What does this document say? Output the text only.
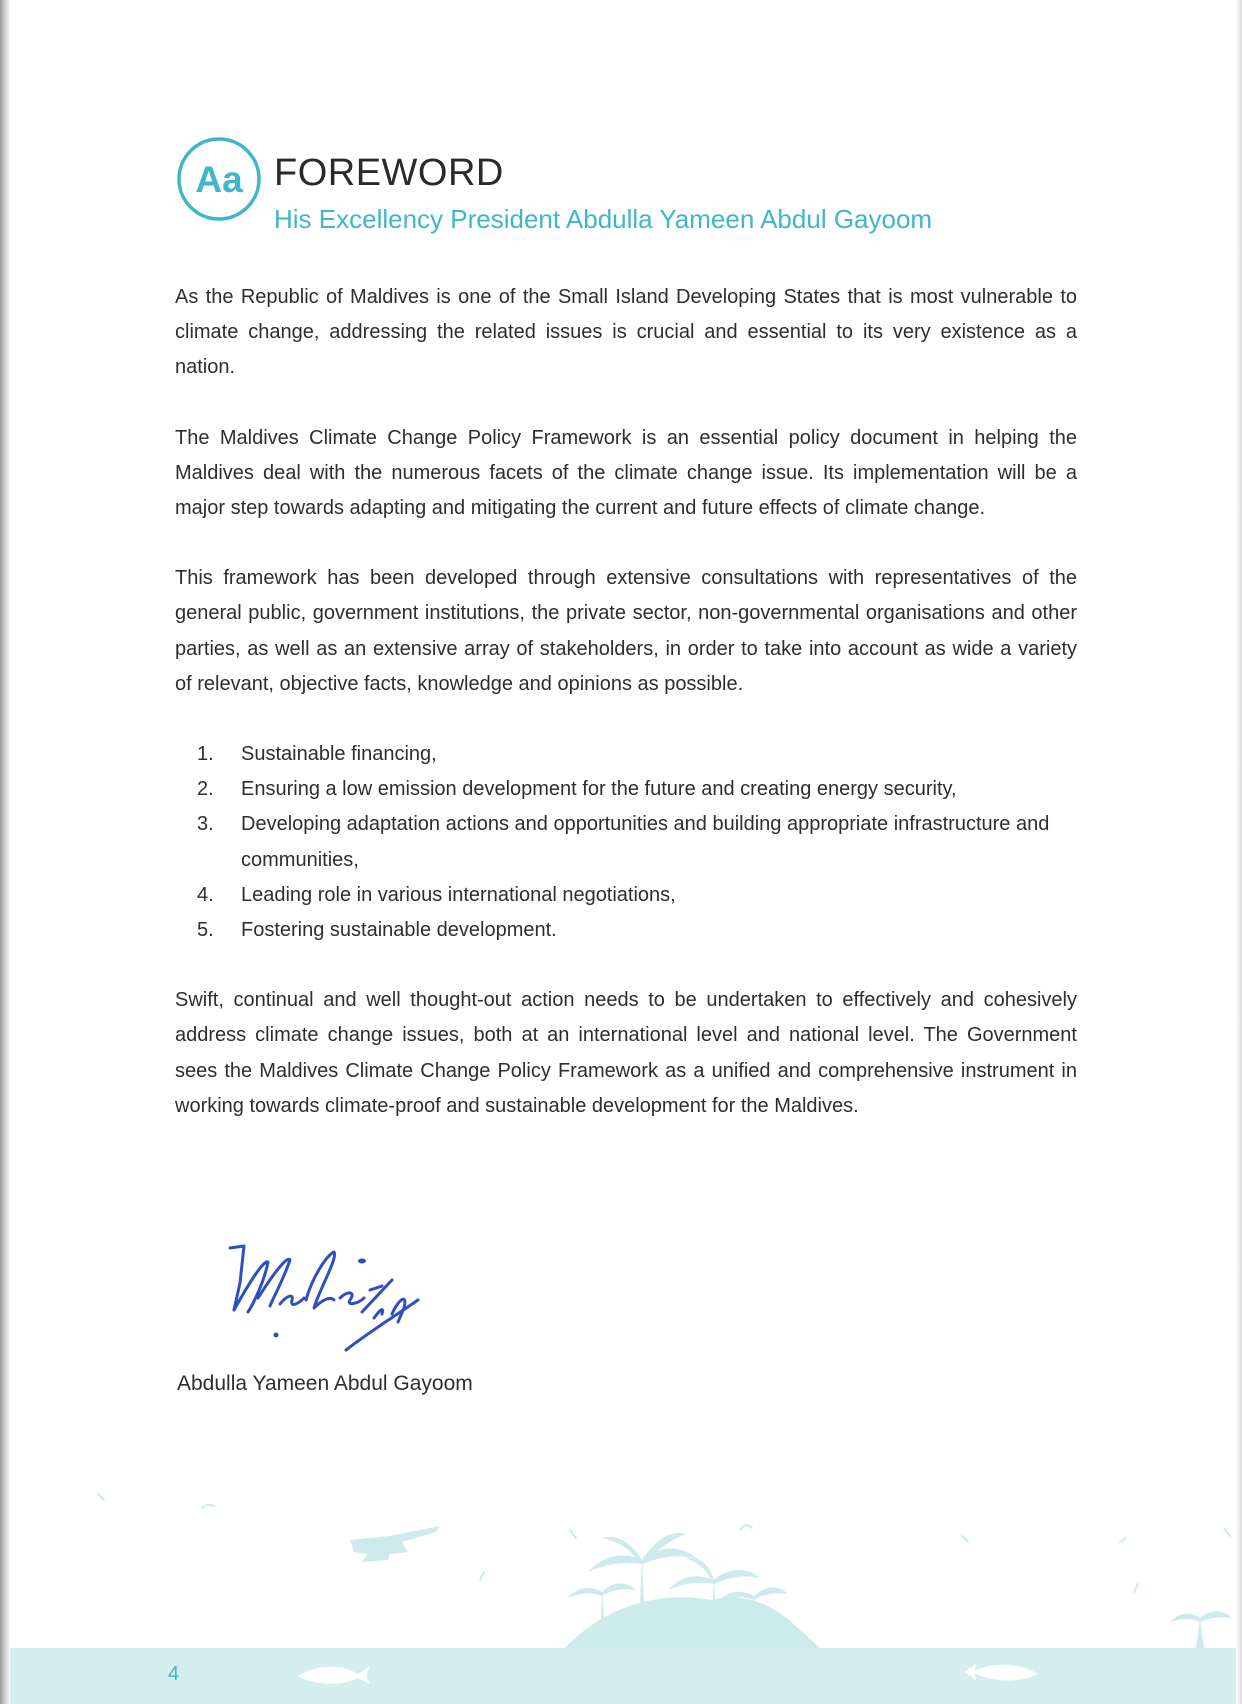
Aa FOREWORD
His Excellency President Abdulla Yameen Abdul Gayoom

As the Republic of Maldives is one of the Small Island Developing States that is most vulnerable to climate change, addressing the related issues is crucial and essential to its very existence as a nation.

The Maldives Climate Change Policy Framework is an essential policy document in helping the Maldives deal with the numerous facets of the climate change issue. Its implementation will be a major step towards adapting and mitigating the current and future effects of climate change.

This framework has been developed through extensive consultations with representatives of the general public, government institutions, the private sector, non-governmental organisations and other parties, as well as an extensive array of stakeholders, in order to take into account as wide a variety of relevant, objective facts, knowledge and opinions as possible.

1. Sustainable financing,
2. Ensuring a low emission development for the future and creating energy security,
3. Developing adaptation actions and opportunities and building appropriate infrastructure and communities,
4. Leading role in various international negotiations,
5. Fostering sustainable development.

Swift, continual and well thought-out action needs to be undertaken to effectively and cohesively address climate change issues, both at an international level and national level. The Government sees the Maldives Climate Change Policy Framework as a unified and comprehensive instrument in working towards climate-proof and sustainable development for the Maldives.

Abdulla Yameen Abdul Gayoom
4
